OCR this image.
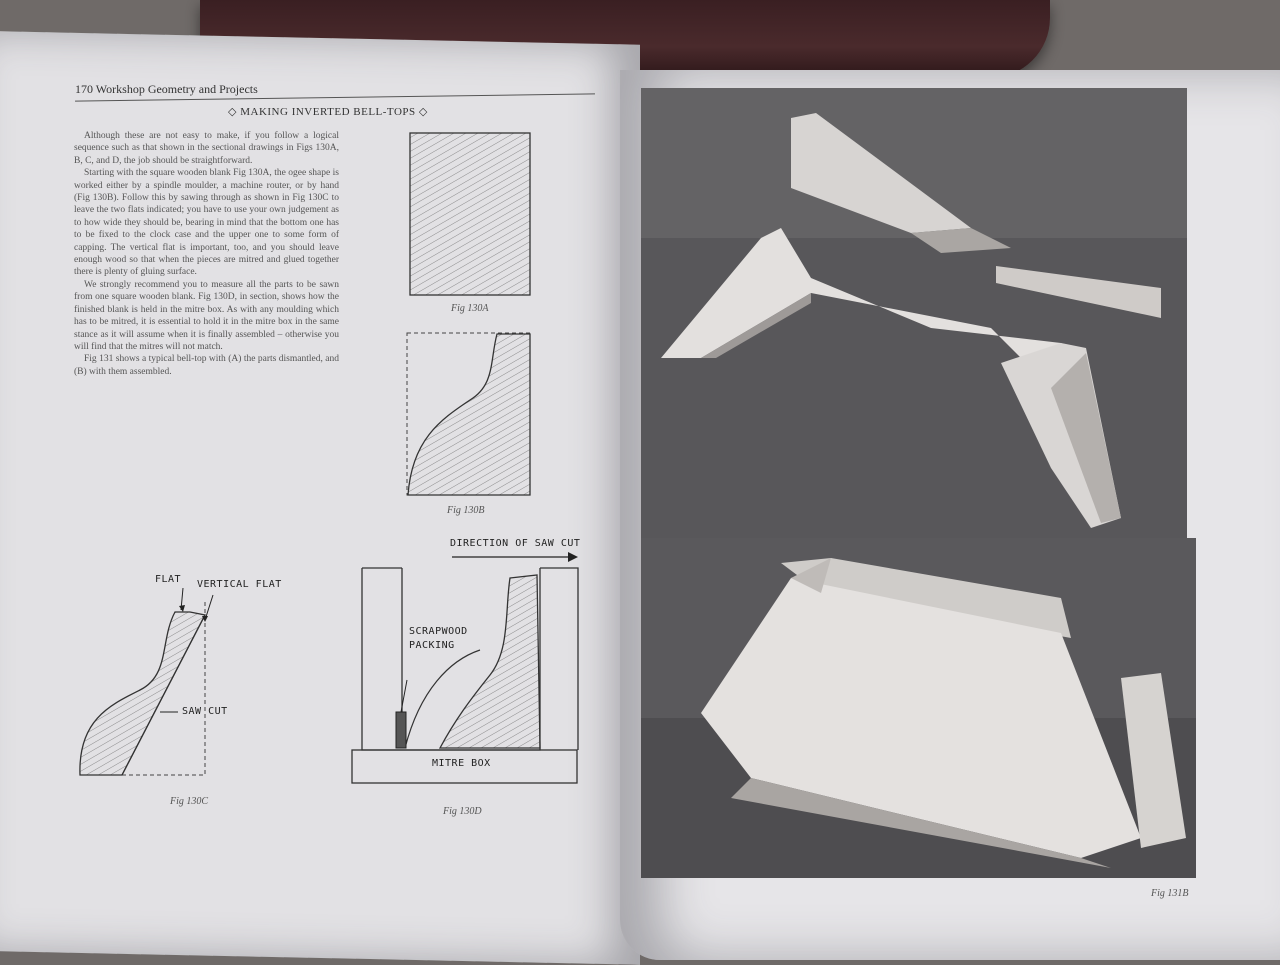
170 Workshop Geometry and Projects
◇ MAKING INVERTED BELL-TOPS ◇

Although these are not easy to make, if you follow a logical sequence such as that shown in the sectional drawings in Figs 130A, B, C, and D, the job should be straightforward.

Starting with the square wooden blank Fig 130A, the ogee shape is worked either by a spindle moulder, a machine router, or by hand (Fig 130B). Follow this by sawing through as shown in Fig 130C to leave the two flats indicated; you have to use your own judgement as to how wide they should be, bearing in mind that the bottom one has to be fixed to the clock case and the upper one to some form of capping. The vertical flat is important, too, and you should leave enough wood so that when the pieces are mitred and glued together there is plenty of gluing surface.

We strongly recommend you to measure all the parts to be sawn from one square wooden blank. Fig 130D, in section, shows how the finished blank is held in the mitre box. As with any moulding which has to be mitred, it is essential to hold it in the mitre box in the same stance as it will assume when it is finally assembled – otherwise you will find that the mitres will not match.

Fig 131 shows a typical bell-top with (A) the parts dismantled, and (B) with them assembled.

Fig 130A
Fig 130B
Fig 130C
Fig 130D
FLAT VERTICAL FLAT
SAW CUT
DIRECTION OF SAW CUT
SCRAPWOOD
PACKING
MITRE BOX
Fig 131B
